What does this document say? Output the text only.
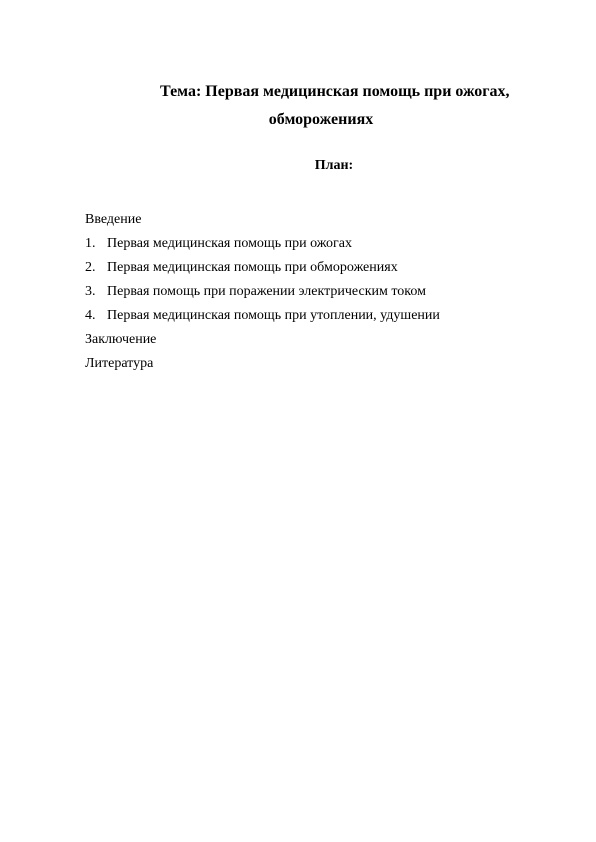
Тема: Первая медицинская помощь при ожогах,
обморожениях
План:
Введение
1. Первая медицинская помощь при ожогах
2. Первая медицинская помощь при обморожениях
3. Первая помощь при поражении электрическим током
4. Первая медицинская помощь при утоплении, удушении
Заключение
Литература
